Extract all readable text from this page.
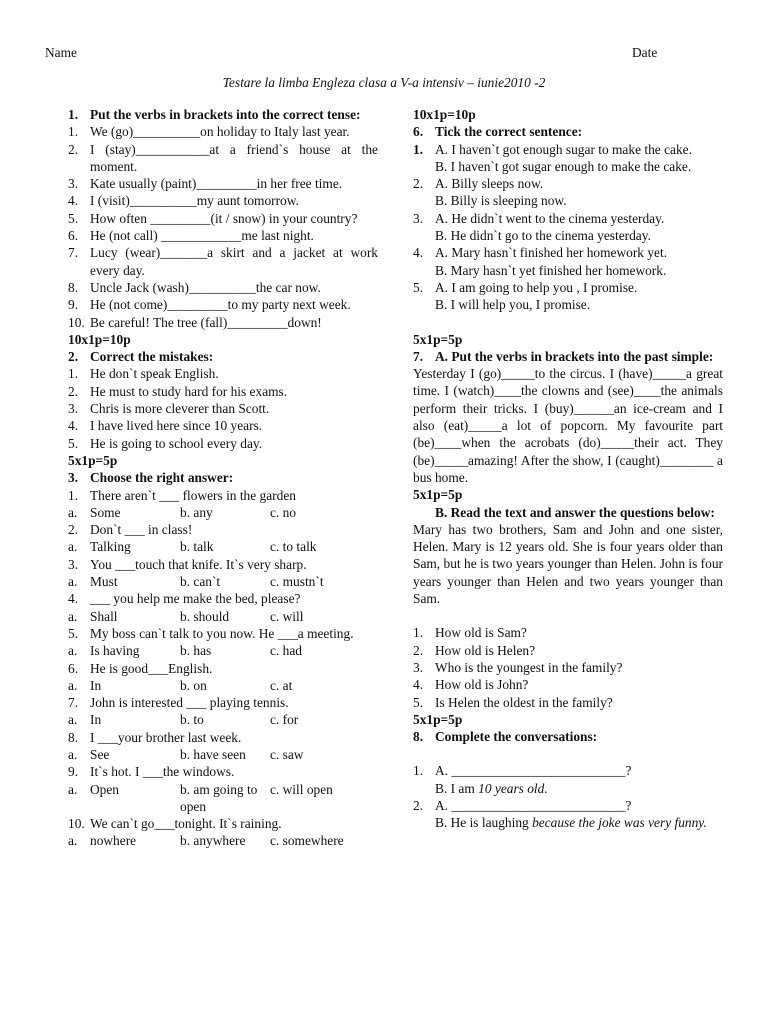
Name	Date
Testare la limba Engleza clasa a V-a intensiv – iunie2010 -2
1. Put the verbs in brackets into the correct tense:
1. We (go)__________on holiday to Italy last year.
2. I (stay)___________at a friend`s house at the moment.
3. Kate usually (paint)_________in her free time.
4. I (visit)__________my aunt tomorrow.
5. How often _________(it / snow) in your country?
6. He (not call) ____________me last night.
7. Lucy (wear)_______a skirt and a jacket at work every day.
8. Uncle Jack (wash)__________the car now.
9. He (not come)_________to my party next week.
10. Be careful! The tree (fall)_________down!
10x1p=10p
2. Correct the mistakes:
1. He don`t speak English.
2. He must to study hard for his exams.
3. Chris is more cleverer than Scott.
4. I have lived here since 10 years.
5. He is going to school every day.
5x1p=5p
3. Choose the right answer:
1. There aren`t ___ flowers in the garden
a. Some	b. any	c. no
2. Don`t ___ in class!
a. Talking	b. talk	c. to talk
3. You ___touch that knife. It`s very sharp.
a. Must	b. can`t	c. mustn`t
4. ___ you help me make the bed, please?
a. Shall	b. should	c. will
5. My boss can`t talk to you now. He ___a meeting.
a. Is having	b. has	c. had
6. He is good___English.
a. In	b. on	c. at
7. John is interested ___ playing tennis.
a. In	b. to	c. for
8. I ___your brother last week.
a. See	b. have seen	c. saw
9. It`s hot. I ___the windows.
a. Open	b. am going to open
c. will open
10. We can`t go___tonight. It`s raining.
a. nowhere	b. anywhere	c. somewhere
10x1p=10p
6. Tick the correct sentence:
1. A. I haven`t got enough sugar to make the cake.
B. I haven`t got sugar enough to make the cake.
2. A. Billy sleeps now.
B. Billy is sleeping now.
3. A. He didn`t went to the cinema yesterday.
B. He didn`t go to the cinema yesterday.
4. A. Mary hasn`t finished her homework yet.
B. Mary hasn`t yet finished her homework.
5. A. I am going to help you , I promise.
B. I will help you, I promise.
5x1p=5p
7. A. Put the verbs in brackets into the past simple:
Yesterday I (go)_____to the circus. I (have)_____a great time. I (watch)____the clowns and (see)____the animals perform their tricks. I (buy)______an ice-cream and I also (eat)_____a lot of popcorn. My favourite part (be)____when the acrobats (do)_____their act. They (be)_____amazing! After the show, I (caught)________ a bus home.
5x1p=5p
B. Read the text and answer the questions below:
Mary has two brothers, Sam and John and one sister, Helen. Mary is 12 years old. She is four years older than Sam, but he is two years younger than Helen. John is four years younger than Helen and two years younger than Sam.
1. How old is Sam?
2. How old is Helen?
3. Who is the youngest in the family?
4. How old is John?
5. Is Helen the oldest in the family?
5x1p=5p
8. Complete the conversations:
1. A. __________________________?
B. I am 10 years old.
2. A. __________________________?
B. He is laughing because the joke was very funny.
